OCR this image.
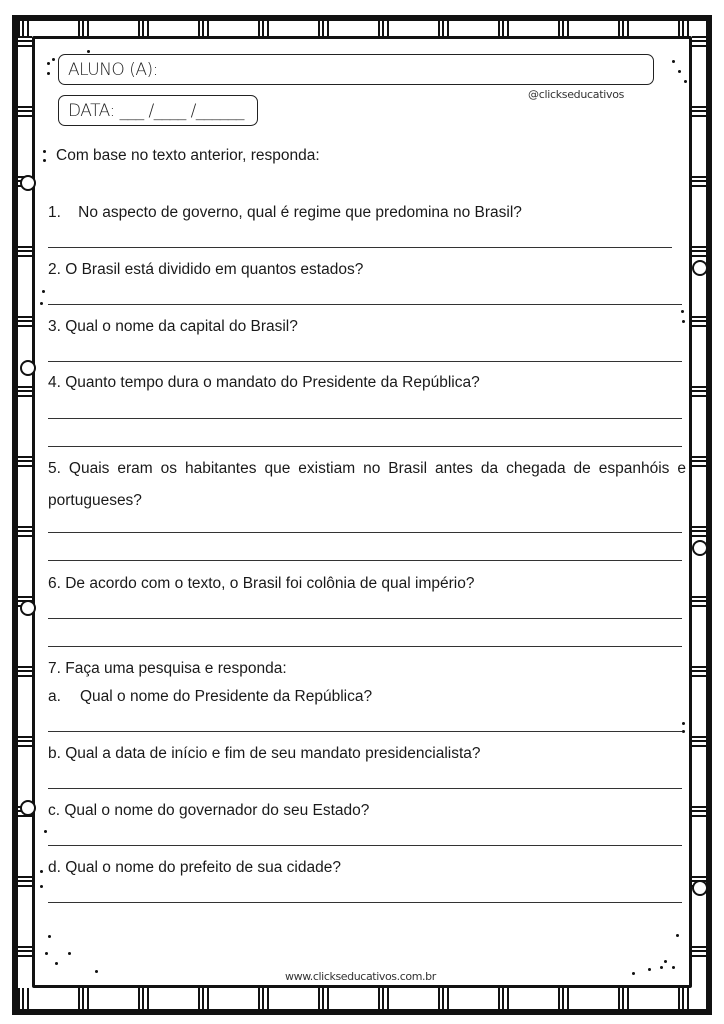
ALUNO (A):
DATA: ___ /____ /______
@clickseducativos
Com base no texto anterior, responda:
1.    No aspecto de governo, qual é regime que predomina no Brasil?
2. O Brasil está dividido em quantos estados?
3. Qual o nome da capital do Brasil?
4. Quanto tempo dura o mandato do Presidente da República?
5. Quais eram os habitantes que existiam no Brasil antes da chegada de espanhóis e portugueses?
6. De acordo com o texto, o Brasil foi colônia de qual império?
7. Faça uma pesquisa e responda:
a. Qual o nome do Presidente da República?
b. Qual a data de início e fim de seu mandato presidencialista?
c. Qual o nome do governador do seu Estado?
d. Qual o nome do prefeito de sua cidade?
www.clickseducativos.com.br
